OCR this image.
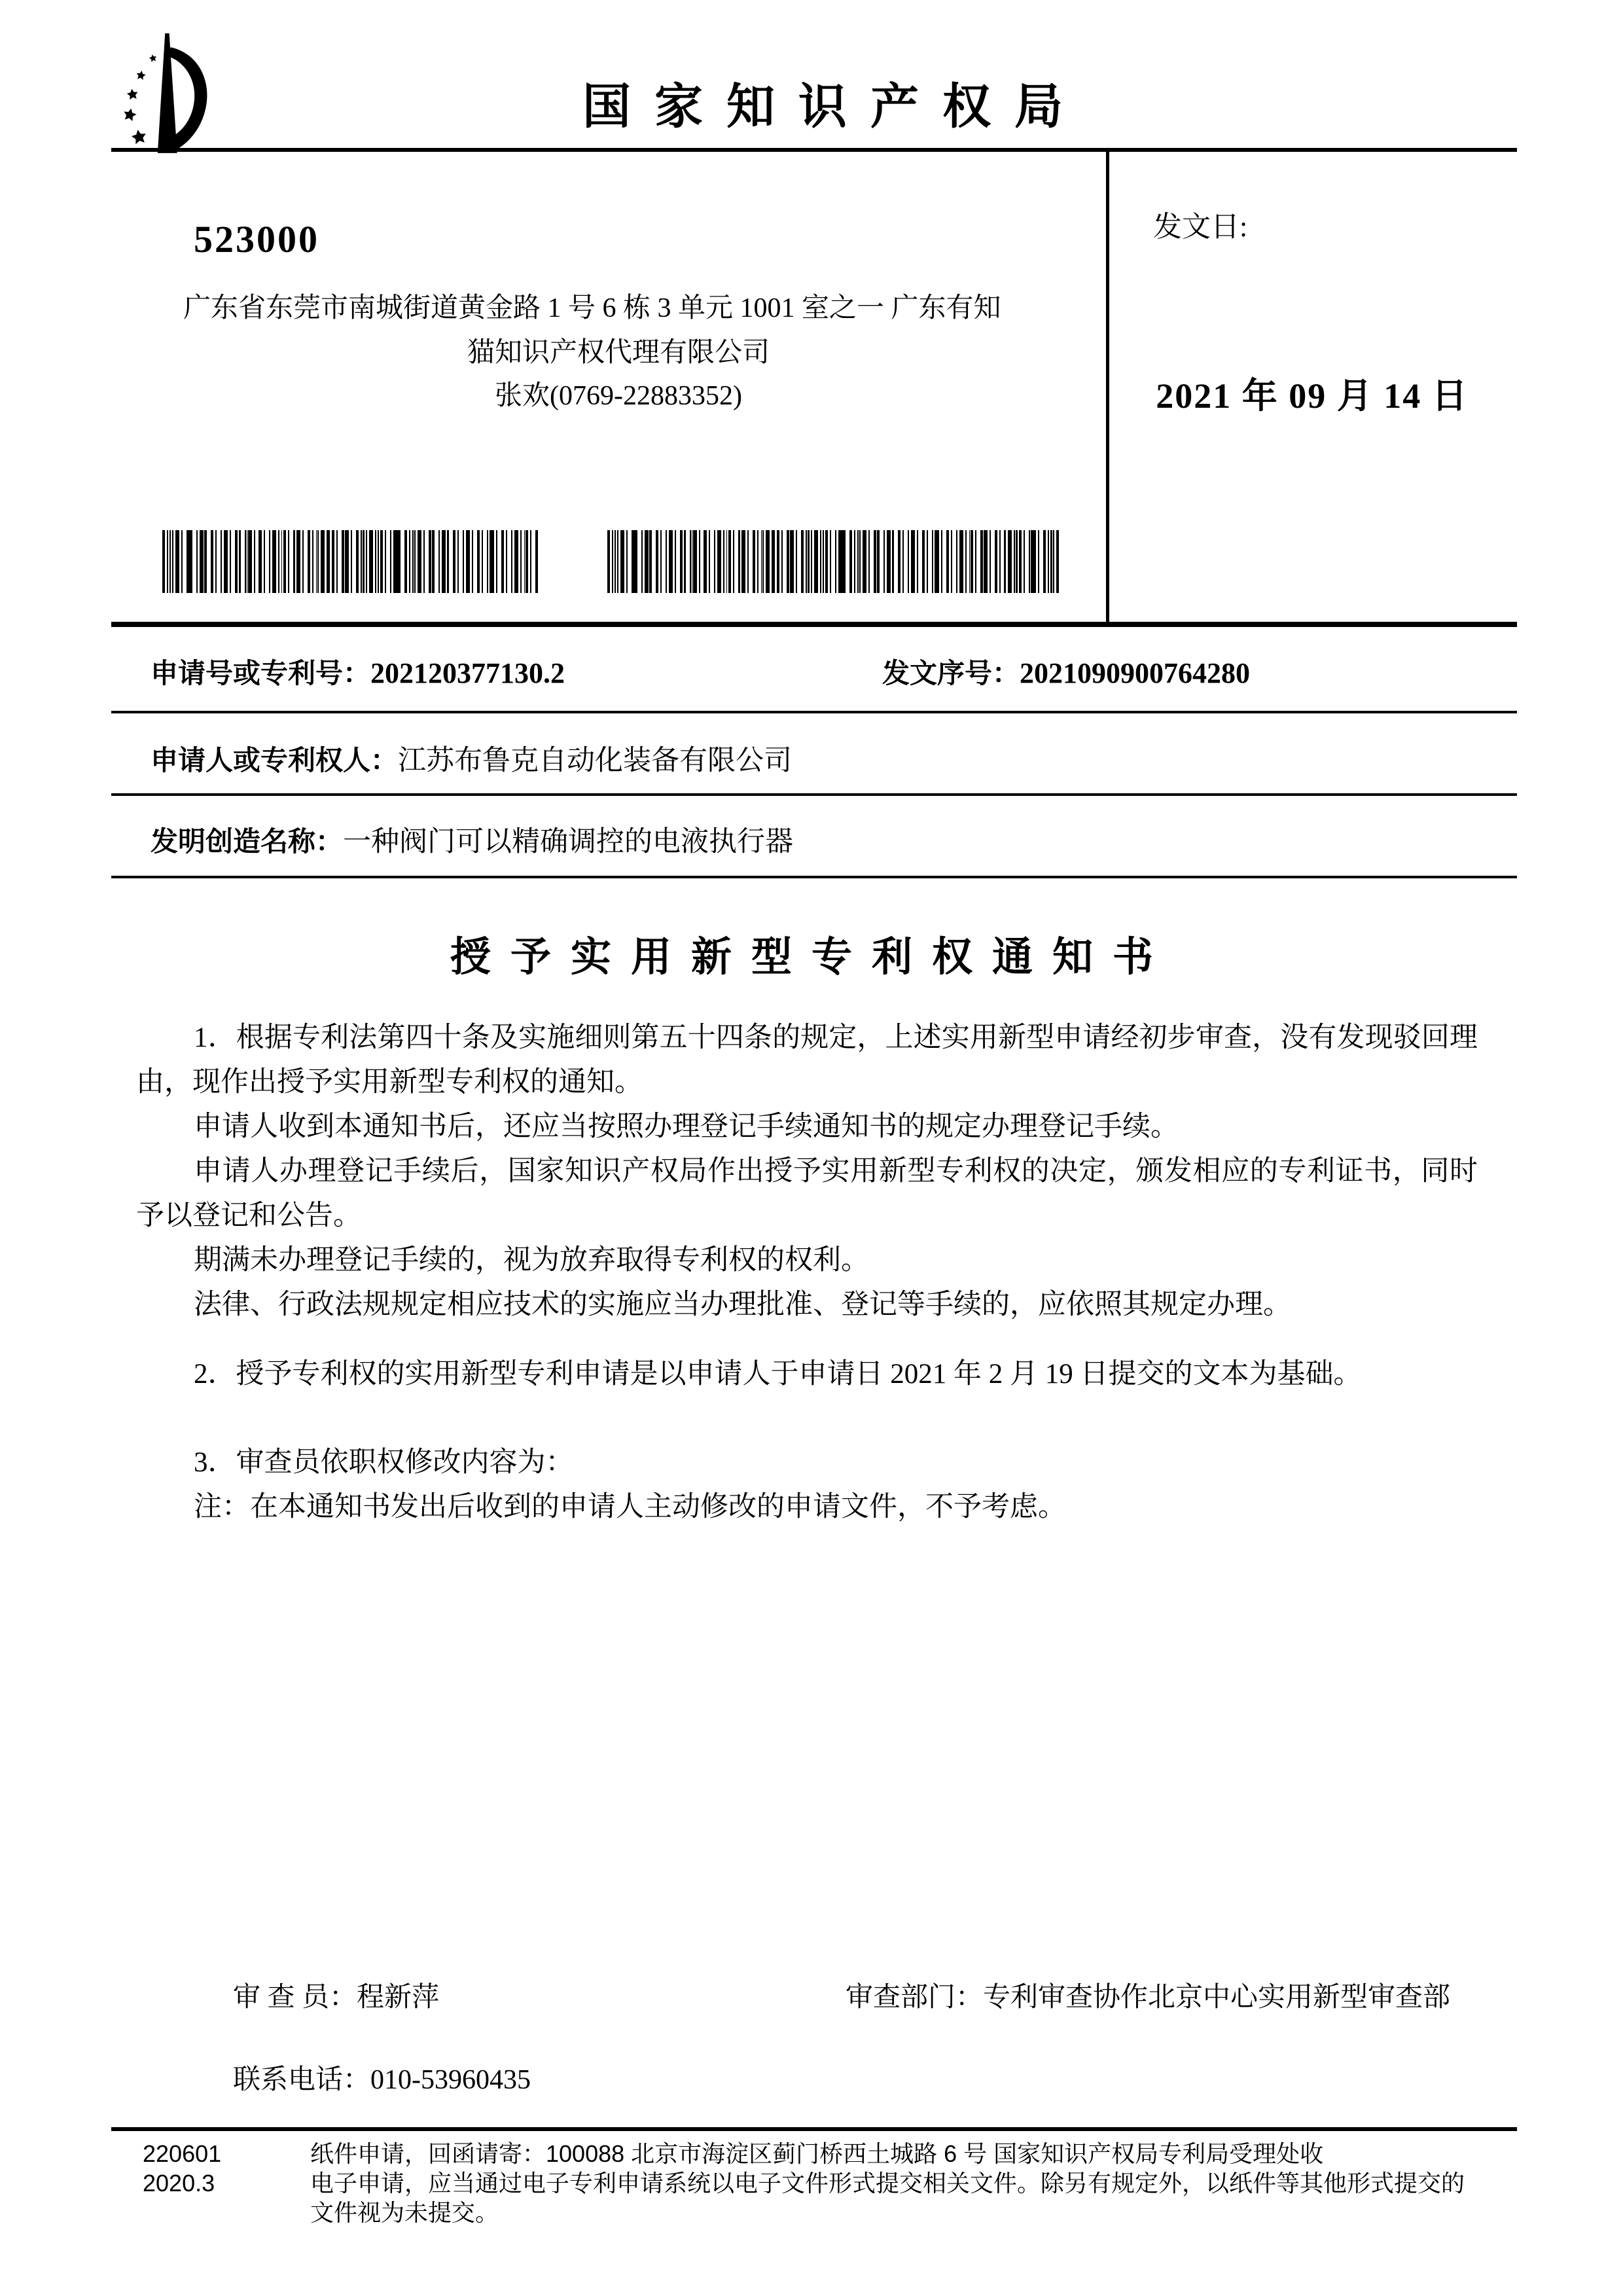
国家知识产权局
523000
广东省东莞市南城街道黄金路 1 号 6 栋 3 单元 1001 室之一 广东有知
猫知识产权代理有限公司
张欢(0769-22883352)
发文日:
2021 年 09 月 14 日
申请号或专利号：202120377130.2	发文序号：2021090900764280
申请人或专利权人：江苏布鲁克自动化装备有限公司
发明创造名称：一种阀门可以精确调控的电液执行器
授予实用新型专利权通知书

1．根据专利法第四十条及实施细则第五十四条的规定，上述实用新型申请经初步审查，没有发现驳回理由，现作出授予实用新型专利权的通知。

申请人收到本通知书后，还应当按照办理登记手续通知书的规定办理登记手续。

申请人办理登记手续后，国家知识产权局作出授予实用新型专利权的决定，颁发相应的专利证书，同时予以登记和公告。

期满未办理登记手续的，视为放弃取得专利权的权利。

法律、行政法规规定相应技术的实施应当办理批准、登记等手续的，应依照其规定办理。

2．授予专利权的实用新型专利申请是以申请人于申请日 2021 年 2 月 19 日提交的文本为基础。

3．审查员依职权修改内容为：

注：在本通知书发出后收到的申请人主动修改的申请文件，不予考虑。

审 查 员：程新萍	审查部门：专利审查协作北京中心实用新型审查部
联系电话：010-53960435
220601
2020.3
纸件申请，回函请寄：100088 北京市海淀区蓟门桥西土城路 6 号 国家知识产权局专利局受理处收
电子申请，应当通过电子专利申请系统以电子文件形式提交相关文件。除另有规定外，以纸件等其他形式提交的
文件视为未提交。
